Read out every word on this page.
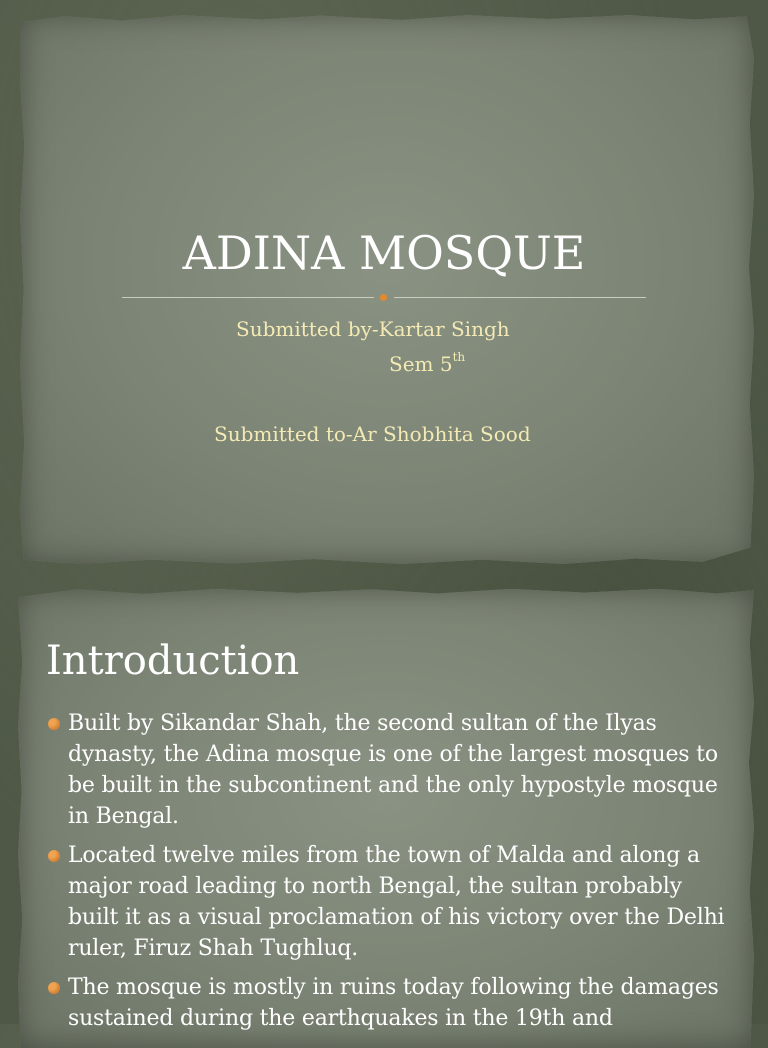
ADINA MOSQUE
Submitted by-Kartar Singh
Sem 5th
Submitted to-Ar Shobhita Sood
Introduction
Built by Sikandar Shah, the second sultan of the Ilyas dynasty, the Adina mosque is one of the largest mosques to be built in the subcontinent and the only hypostyle mosque in Bengal.
Located twelve miles from the town of Malda and along a major road leading to north Bengal, the sultan probably built it as a visual proclamation of his victory over the Delhi ruler, Firuz Shah Tughluq.
The mosque is mostly in ruins today following the damages sustained during the earthquakes in the 19th and
